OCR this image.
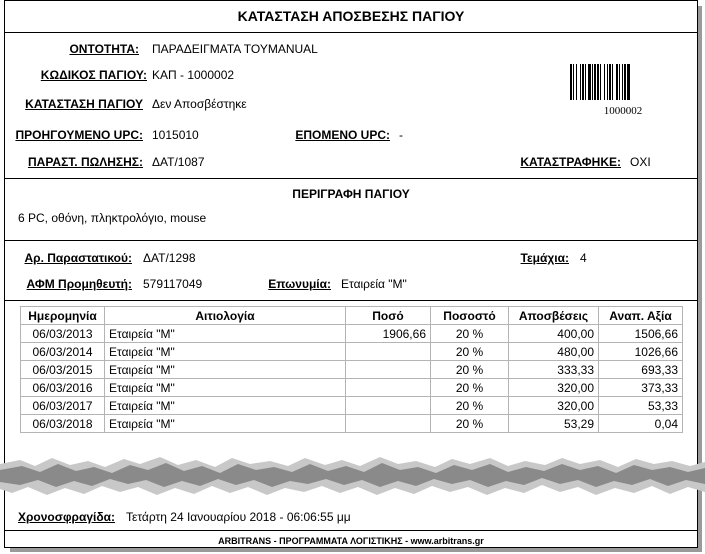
ΚΑΤΑΣΤΑΣΗ ΑΠΟΣΒΕΣΗΣ ΠΑΓΙΟΥ
ΟΝΤΟΤΗΤΑ: ΠΑΡΑΔΕΙΓΜΑΤΑ ΤΟΥMANUAL
ΚΩΔΙΚΟΣ ΠΑΓΙΟΥ: ΚΑΠ - 1000002
ΚΑΤΑΣΤΑΣΗ ΠΑΓΙΟΥ Δεν Αποσβέστηκε
ΠΡΟΗΓΟΥΜΕΝΟ UPC: 1015010	ΕΠΟΜΕΝΟ UPC: -
ΠΑΡΑΣΤ. ΠΩΛΗΣΗΣ: ΔΑΤ/1087	ΚΑΤΑΣΤΡΑΦΗΚΕ: ΟΧΙ
1000002
ΠΕΡΙΓΡΑΦΗ ΠΑΓΙΟΥ
6 PC, οθόνη, πληκτρολόγιο, mouse
Αρ. Παραστατικού: ΔΑΤ/1298	Τεμάχια: 4
ΑΦΜ Προμηθευτή: 579117049	Επωνυμία: Εταιρεία "Μ"
Ημερομηνία	Αιτιολογία	Ποσό	Ποσοστό	Αποσβέσεις	Αναπ. Αξία
06/03/2013	Εταιρεία "Μ"	1906,66	20 %	400,00	1506,66
06/03/2014	Εταιρεία "Μ"		20 %	480,00	1026,66
06/03/2015	Εταιρεία "Μ"		20 %	333,33	693,33
06/03/2016	Εταιρεία "Μ"		20 %	320,00	373,33
06/03/2017	Εταιρεία "Μ"		20 %	320,00	53,33
06/03/2018	Εταιρεία "Μ"		20 %	53,29	0,04
Χρονοσφραγίδα: Τετάρτη 24 Ιανουαρίου 2018 - 06:06:55 μμ
ARBITRANS - ΠΡΟΓΡΑΜΜΑΤΑ ΛΟΓΙΣΤΙΚΗΣ - www.arbitrans.gr
